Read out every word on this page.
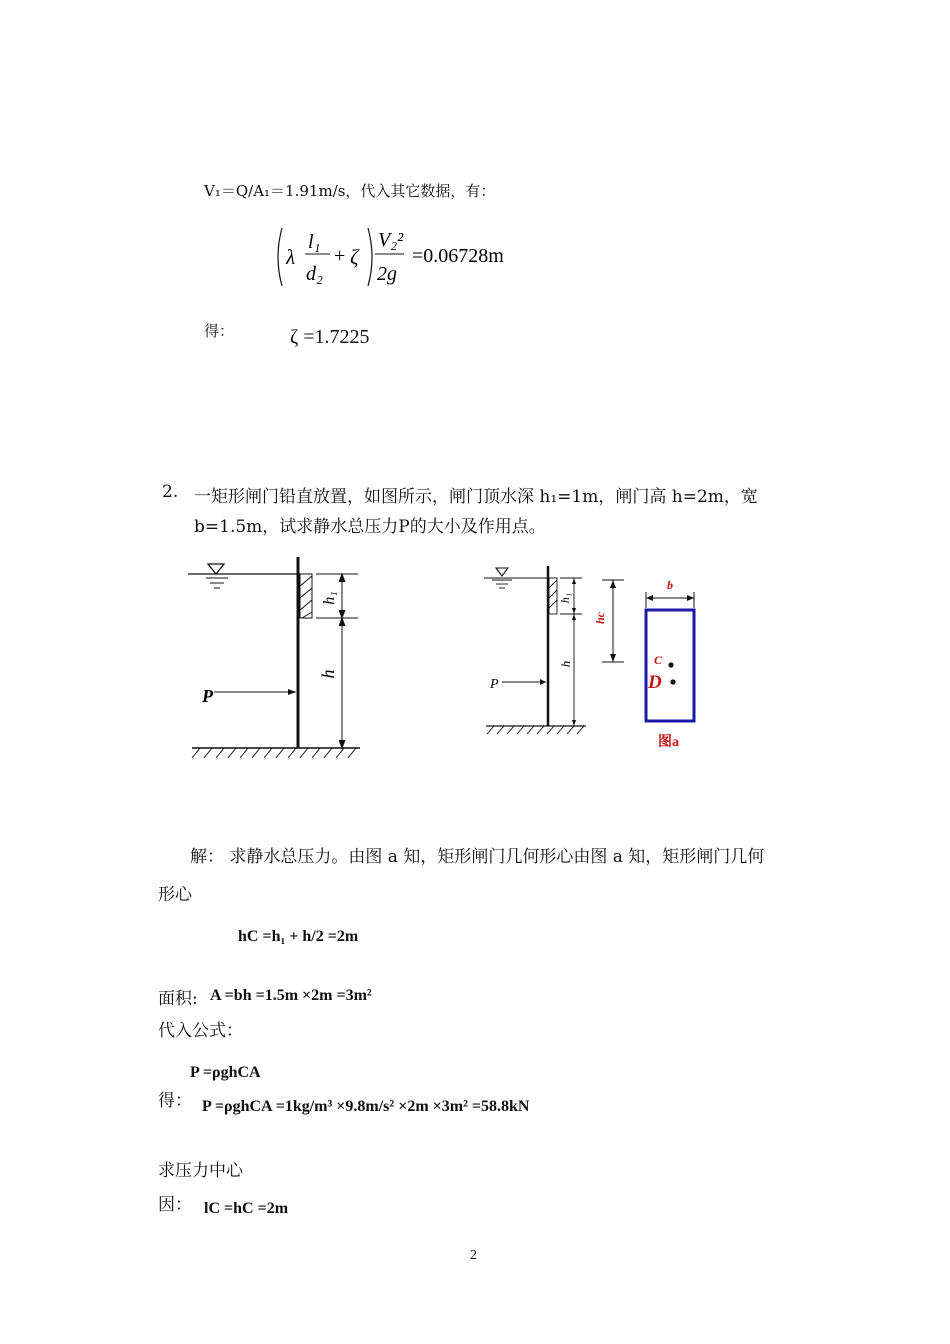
V₁＝Q/A₁＝1.91m/s，代入其它数据，有：
λ
l₁
d₂
+ ζ
V₂²
2g
=0.06728m
得：	ζ =1.7225
2. 一矩形闸门铅直放置，如图所示，闸门顶水深 h₁=1m，闸门高 h=2m，宽
b=1.5m，试求静水总压力P的大小及作用点。
h₁
h
P
h₁
h
P
hc
b
C
D
图a
解： 求静水总压力。由图 a 知，矩形闸门几何形心由图 a 知，矩形闸门几何
形心
hC =h₁ + h/2 =2m
面积: A =bh =1.5m ×2m =3m²
代入公式：
P =ρghCA
得： P =ρghCA =1kg/m³ ×9.8m/s² ×2m ×3m² =58.8kN
求压力中心
因： lC =hC =2m
2
